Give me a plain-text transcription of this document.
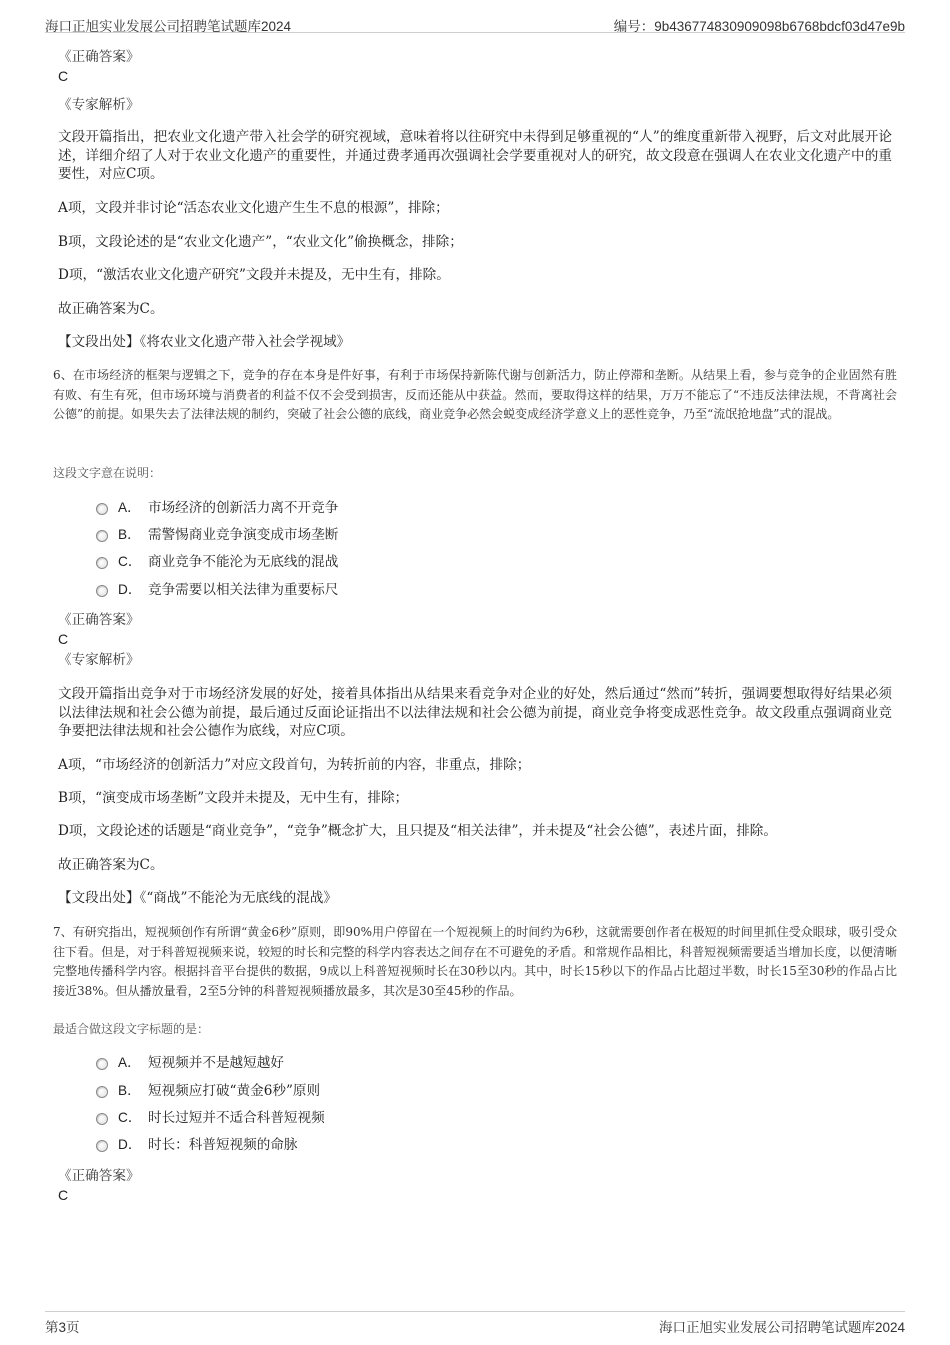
海口正旭实业发展公司招聘笔试题库2024	编号：9b436774830909098b6768bdcf03d47e9b
《正确答案》
C
《专家解析》
文段开篇指出，把农业文化遗产带入社会学的研究视域，意味着将以往研究中未得到足够重视的“人”的维度重新带入视野，后文对此展开论述，详细介绍了人对于农业文化遗产的重要性，并通过费孝通再次强调社会学要重视对人的研究，故文段意在强调人在农业文化遗产中的重要性，对应C项。
A项，文段并非讨论“活态农业文化遗产生生不息的根源”，排除；
B项，文段论述的是“农业文化遗产”，“农业文化”偷换概念，排除；
D项，“激活农业文化遗产研究”文段并未提及，无中生有，排除。
故正确答案为C。
【文段出处】《将农业文化遗产带入社会学视域》
6、在市场经济的框架与逻辑之下，竞争的存在本身是件好事，有利于市场保持新陈代谢与创新活力，防止停滞和垄断。从结果上看，参与竞争的企业固然有胜有败、有生有死，但市场环境与消费者的利益不仅不会受到损害，反而还能从中获益。然而，要取得这样的结果，万万不能忘了“不违反法律法规，不背离社会公德”的前提。如果失去了法律法规的制约，突破了社会公德的底线，商业竞争必然会蜕变成经济学意义上的恶性竞争，乃至“流氓抢地盘”式的混战。
这段文字意在说明：
A． 市场经济的创新活力离不开竞争
B． 需警惕商业竞争演变成市场垄断
C． 商业竞争不能沦为无底线的混战
D． 竞争需要以相关法律为重要标尺
《正确答案》
C
《专家解析》
文段开篇指出竞争对于市场经济发展的好处，接着具体指出从结果来看竞争对企业的好处，然后通过“然而”转折，强调要想取得好结果必须以法律法规和社会公德为前提，最后通过反面论证指出不以法律法规和社会公德为前提，商业竞争将变成恶性竞争。故文段重点强调商业竞争要把法律法规和社会公德作为底线，对应C项。
A项，“市场经济的创新活力”对应文段首句，为转折前的内容，非重点，排除；
B项，“演变成市场垄断”文段并未提及，无中生有，排除；
D项，文段论述的话题是“商业竞争”，“竞争”概念扩大，且只提及“相关法律”，并未提及“社会公德”，表述片面，排除。
故正确答案为C。
【文段出处】《“商战”不能沦为无底线的混战》
7、有研究指出，短视频创作有所谓“黄金6秒”原则，即90%用户停留在一个短视频上的时间约为6秒，这就需要创作者在极短的时间里抓住受众眼球，吸引受众往下看。但是，对于科普短视频来说，较短的时长和完整的科学内容表达之间存在不可避免的矛盾。和常规作品相比，科普短视频需要适当增加长度，以便清晰完整地传播科学内容。根据抖音平台提供的数据，9成以上科普短视频时长在30秒以内。其中，时长15秒以下的作品占比超过半数，时长15至30秒的作品占比接近38%。但从播放量看，2至5分钟的科普短视频播放最多，其次是30至45秒的作品。
最适合做这段文字标题的是：
A． 短视频并不是越短越好
B． 短视频应打破“黄金6秒”原则
C． 时长过短并不适合科普短视频
D． 时长：科普短视频的命脉
《正确答案》
C
第3页	海口正旭实业发展公司招聘笔试题库2024
